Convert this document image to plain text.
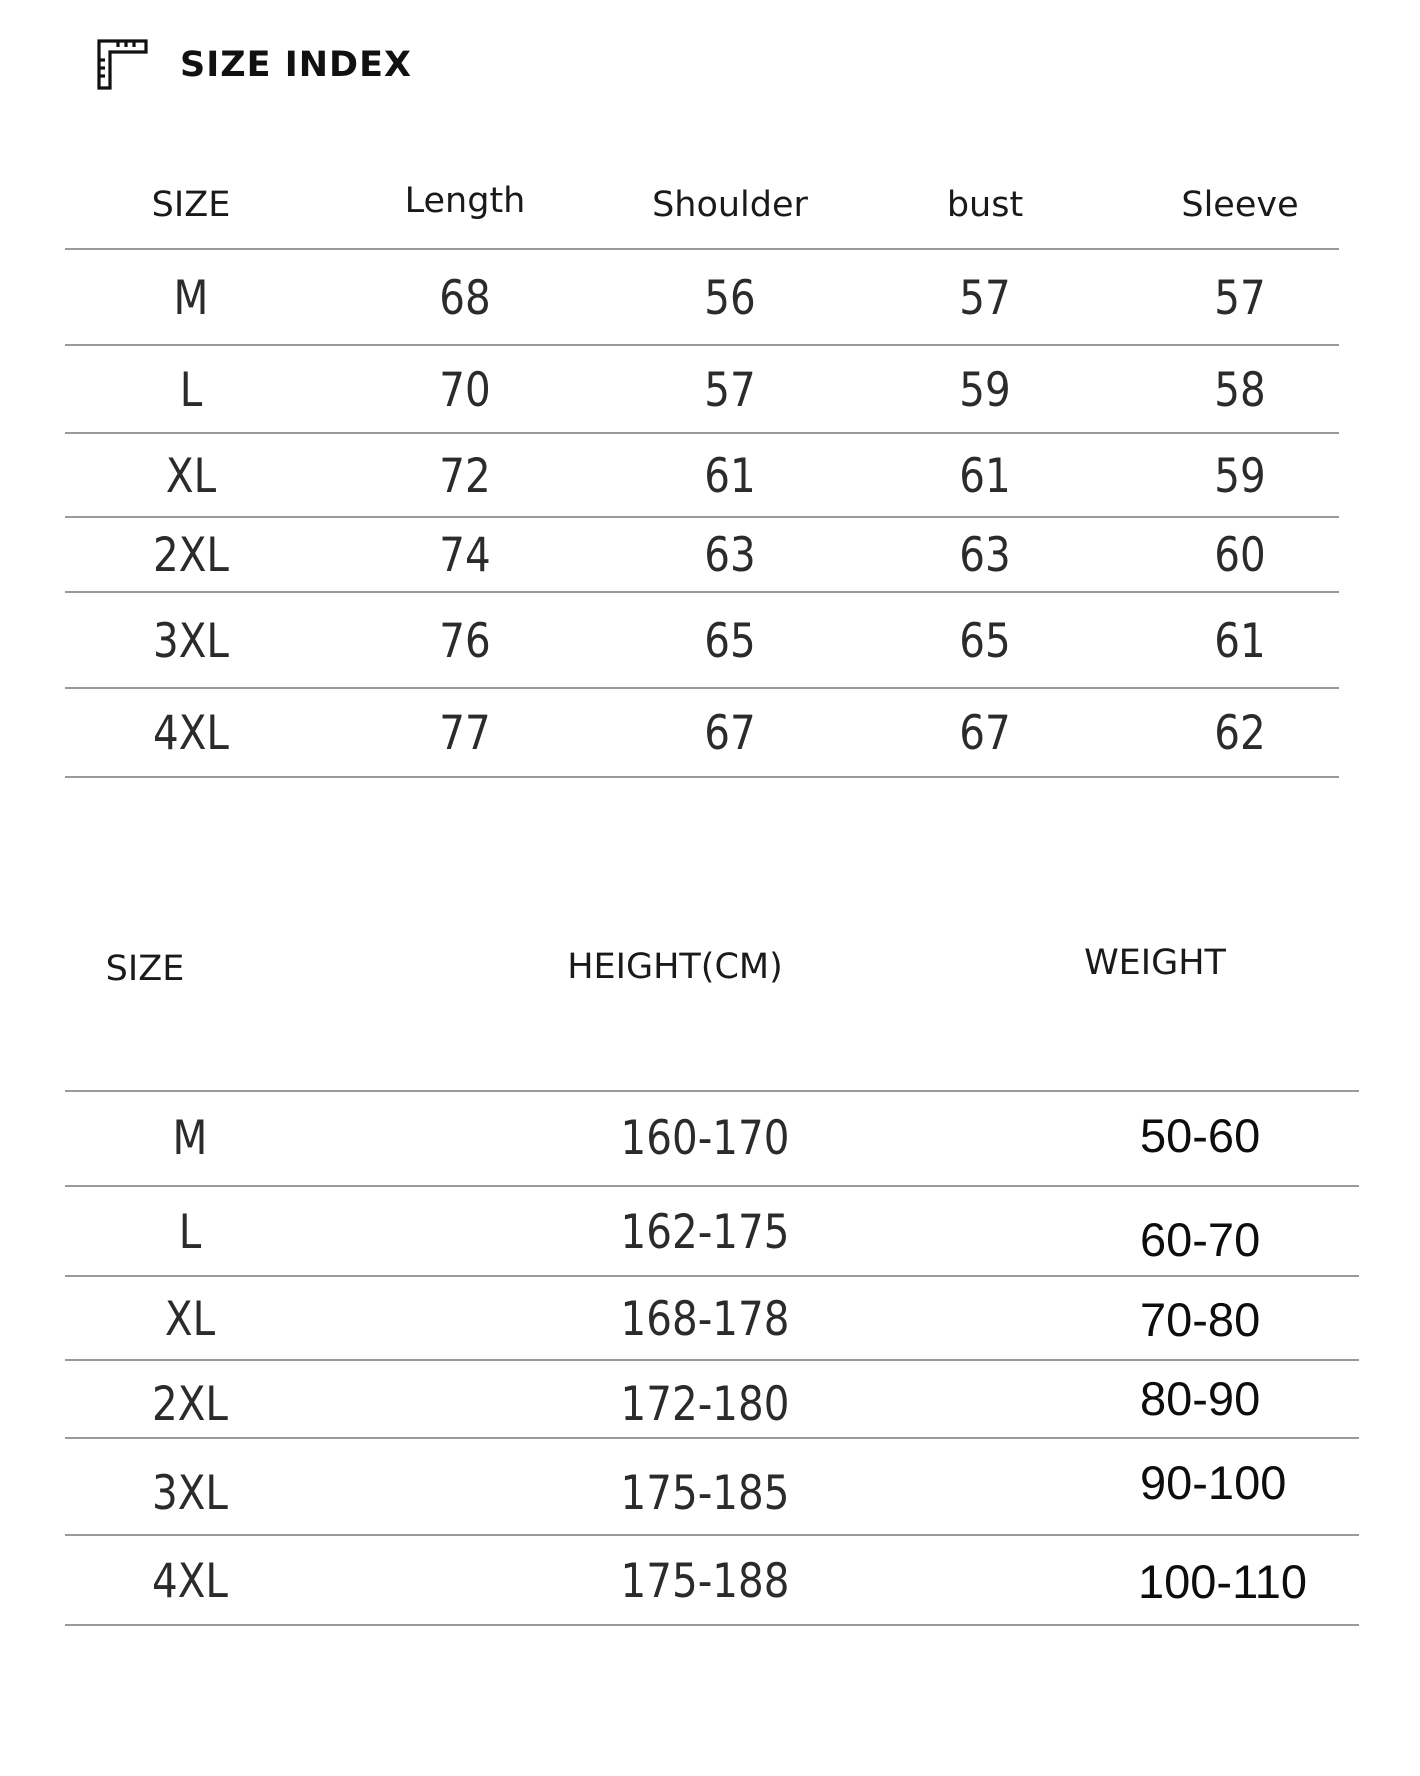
SIZE INDEX
SIZE	Length	Shoulder	bust	Sleeve
M	68	56	57	57
L	70	57	59	58
XL	72	61	61	59
2XL	74	63	63	60
3XL	76	65	65	61
4XL	77	67	67	62
SIZE	HEIGHT(CM)	WEIGHT
M	160-170	50-60
L	162-175	60-70
XL	168-178	70-80
2XL	172-180	80-90
3XL	175-185	90-100
4XL	175-188	100-110
